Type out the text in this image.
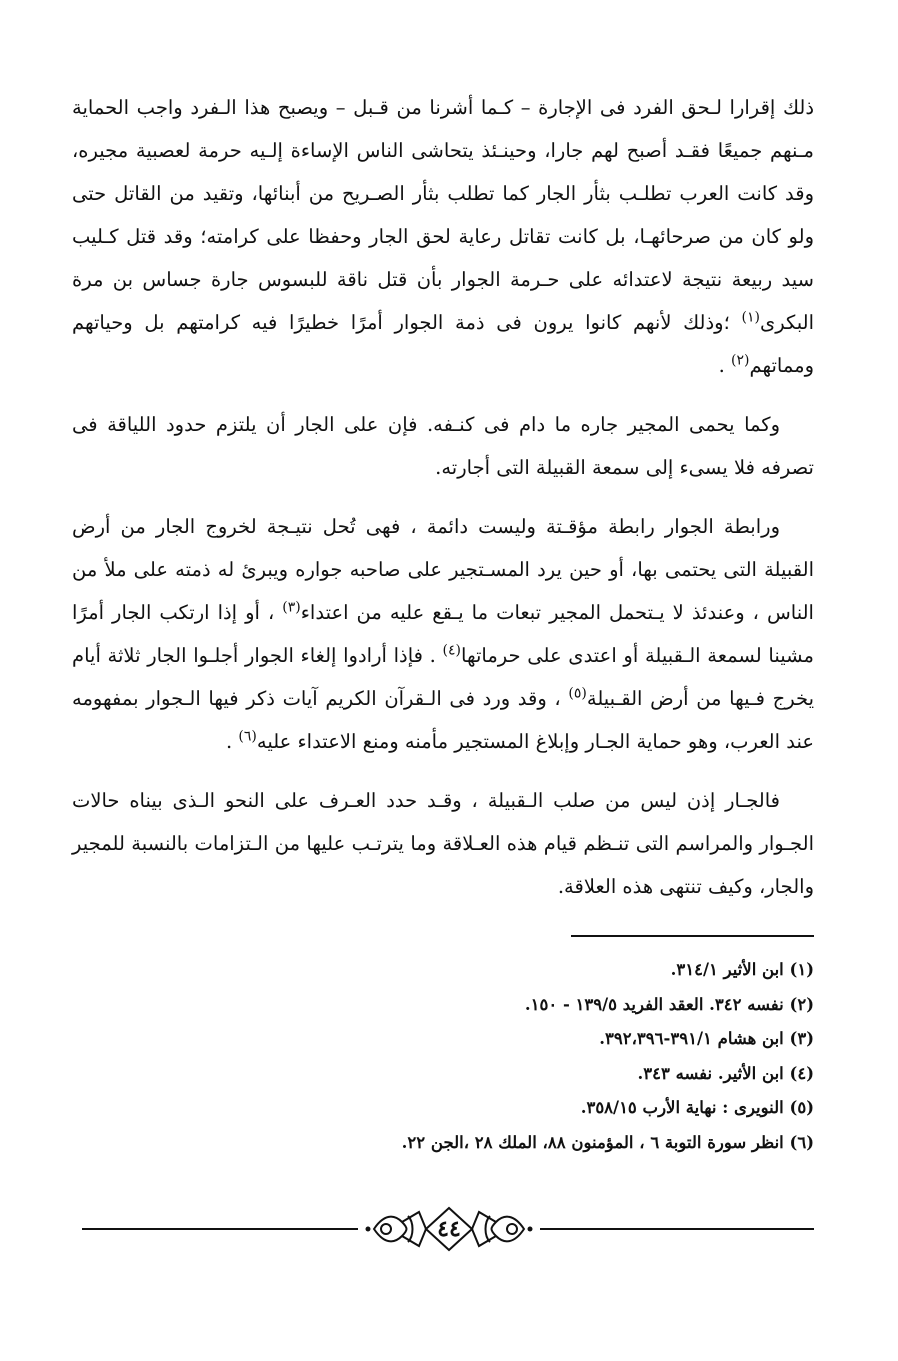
ذلك إقرارا لـحق الفرد فى الإجارة – كـما أشرنا من قـبل – ويصبح هذا الـفرد واجب الحماية مـنهم جميعًا فقـد أصبح لهم جارا، وحينـئذ يتحاشى الناس الإساءة إلـيه حرمة لعصبية مجيره، وقد كانت العرب تطلـب بثأر الجار كما تطلب بثأر الصـريح من أبنائها، وتقيد من القاتل حتى ولو كان من صرحائهـا، بل كانت تقاتل رعاية لحق الجار وحفظا على كرامته؛ وقد قتل كـليب سيد ربيعة نتيجة لاعتدائه على حـرمة الجوار بأن قتل ناقة للبسوس جارة جساس بن مرة البكرى$^{(١)}$ ؛وذلك لأنهم كانوا يرون فى ذمة الجوار أمرًا خطيرًا فيه كرامتهم بل وحياتهم ومماتهم$^{(٢)}$ .

وكما يحمى المجير جاره ما دام فى كنـفه. فإن على الجار أن يلتزم حدود اللياقة فى تصرفه فلا يسىء إلى سمعة القبيلة التى أجارته.

ورابطة الجوار رابطة مؤقـتة وليست دائمة ، فهى تُحل نتيـجة لخروج الجار من أرض القبيلة التى يحتمى بها، أو حين يرد المسـتجير على صاحبه جواره ويبرئ له ذمته على ملأ من الناس ، وعندئذ لا يـتحمل المجير تبعات ما يـقع عليه من اعتداء$^{(٣)}$ ، أو إذا ارتكب الجار أمرًا مشينا لسمعة الـقبيلة أو اعتدى على حرماتها$^{(٤)}$ . فإذا أرادوا إلغاء الجوار أجلـوا الجار ثلاثة أيام يخرج فـيها من أرض القـبيلة$^{(٥)}$ ، وقد ورد فى الـقرآن الكريم آيات ذكر فيها الـجوار بمفهومه عند العرب، وهو حماية الجـار وإبلاغ المستجير مأمنه ومنع الاعتداء عليه$^{(٦)}$ .

فالجـار إذن ليس من صلب الـقبيلة ، وقـد حدد العـرف على النحو الـذى بيناه حالات الجـوار والمراسم التى تنـظم قيام هذه العـلاقة وما يترتـب عليها من الـتزامات بالنسبة للمجير والجار، وكيف تنتهى هذه العلاقة.

(١) ابن الأثير ٣١٤/١.
(٢) نفسه ٣٤٢. العقد الفريد ١٣٩/٥ - ١٥٠.
(٣) ابن هشام ٣٩١/١-٣٩٢،٣٩٦.
(٤) ابن الأثير. نفسه ٣٤٣.
(٥) النويرى : نهاية الأرب ٣٥٨/١٥.
(٦) انظر سورة التوبة ٦ ، المؤمنون ٨٨، الملك ٢٨ ،الجن ٢٢.
٤٤
